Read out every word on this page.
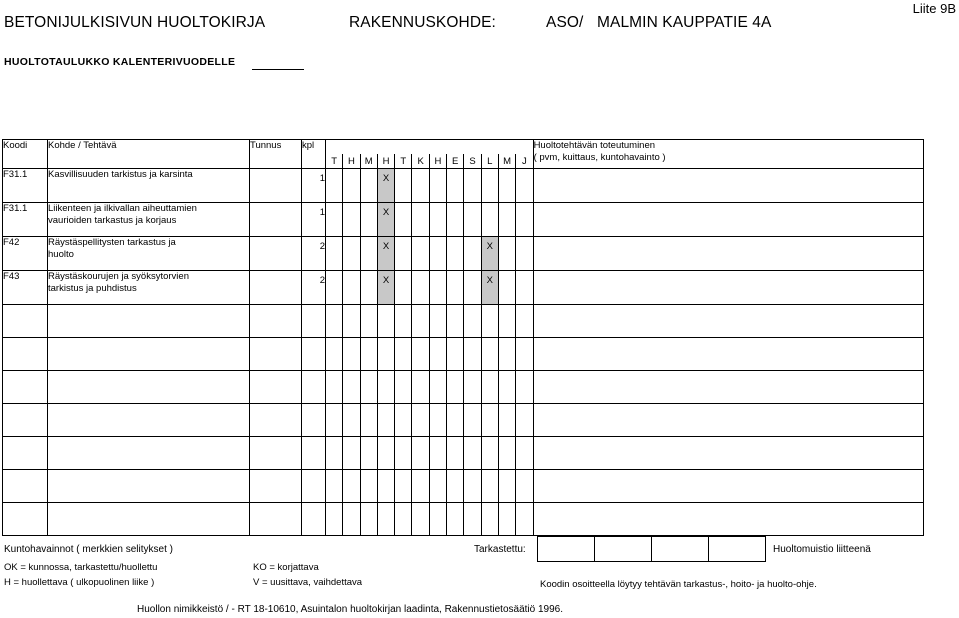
BETONIJULKISIVUN HUOLTOKIRJA	RAKENNUSKOHDE:	ASO/ MALMIN KAUPPATIE 4A
Liite 9B
HUOLTOTAULUKKO KALENTERIVUODELLE
Koodi	Kohde / Tehtävä	Tunnus	kpl													Huoltotehtävän toteutuminen
( pvm, kuittaus, kuntohavainto )

				T	H	M	H	T	K	H	E	S	L	M	J	

F31.1	Kasvillisuuden tarkistus ja karsinta		1				X									

F31.1	Liikenteen ja ilkivallan aiheuttamien
vaurioiden tarkastus ja korjaus		1				X									

F42	Räystäspellitysten tarkastus ja
huolto		2				X						X			

F43	Räystäskourujen ja syöksytorvien
tarkistus ja puhdistus		2				X						X			

Kuntohavainnot ( merkkien selitykset )
OK = kunnossa, tarkastettu/huollettu
H = huollettava ( ulkopuolinen liike )
KO = korjattava
V = uusittava, vaihdettava
Tarkastettu:	Huoltomuistio liitteenä
Koodin osoitteella löytyy tehtävän tarkastus-, hoito- ja huolto-ohje.
Huollon nimikkeistö / - RT 18-10610, Asuintalon huoltokirjan laadinta, Rakennustietosäätiö 1996.
